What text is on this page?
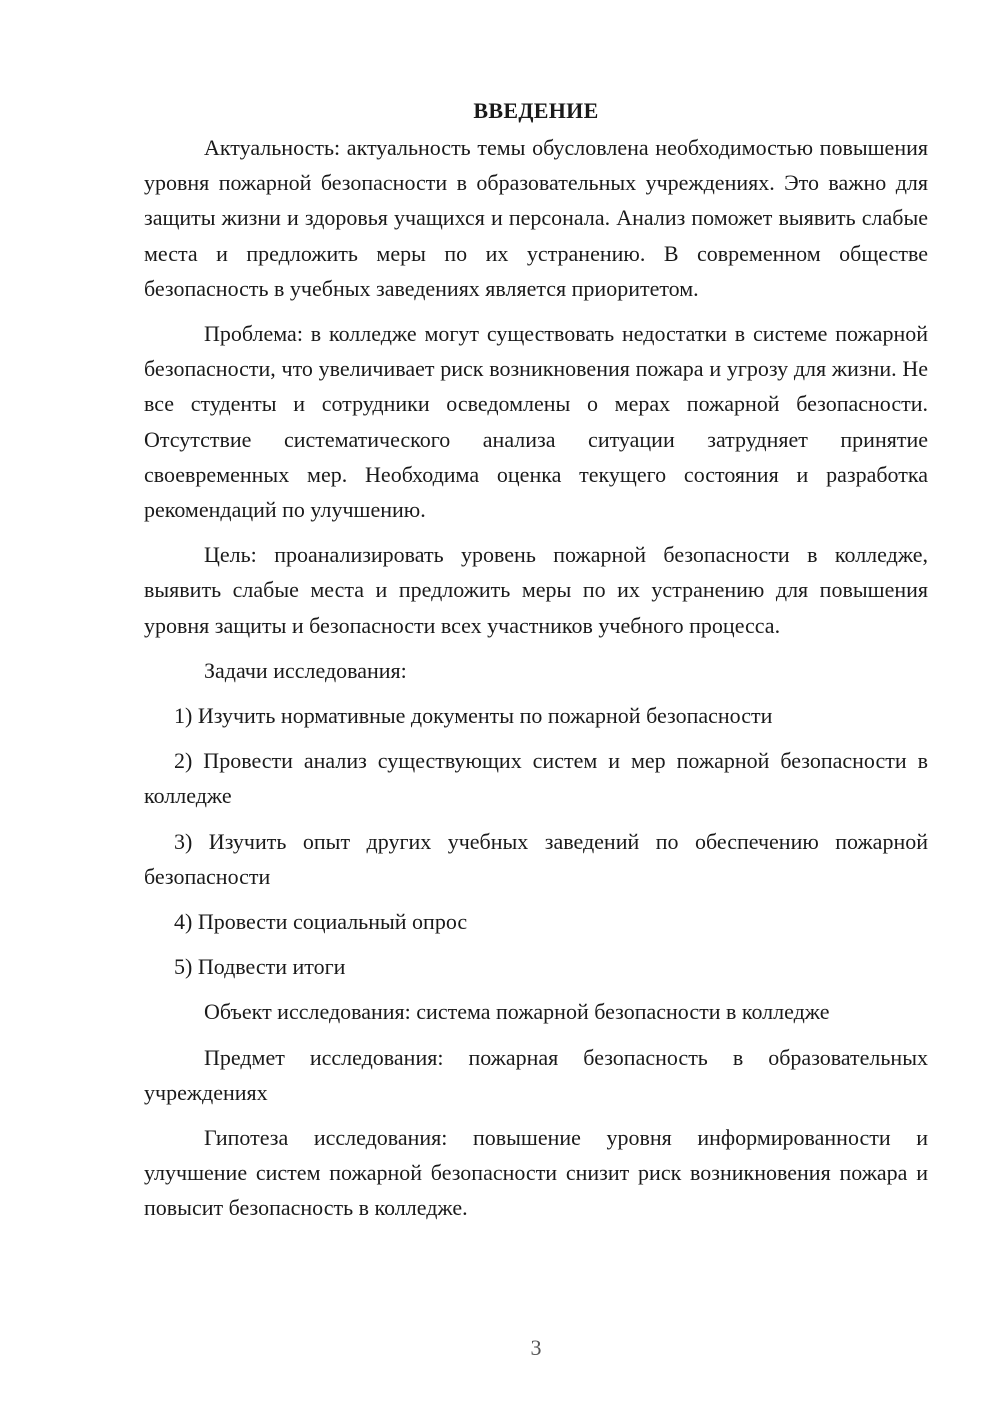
ВВЕДЕНИЕ

Актуальность: актуальность темы обусловлена необходимостью повышения уровня пожарной безопасности в образовательных учреждениях. Это важно для защиты жизни и здоровья учащихся и персонала. Анализ поможет выявить слабые места и предложить меры по их устранению. В современном обществе безопасность в учебных заведениях является приоритетом.

Проблема: в колледже могут существовать недостатки в системе пожарной безопасности, что увеличивает риск возникновения пожара и угрозу для жизни. Не все студенты и сотрудники осведомлены о мерах пожарной безопасности. Отсутствие систематического анализа ситуации затрудняет принятие своевременных мер. Необходима оценка текущего состояния и разработка рекомендаций по улучшению.

Цель: проанализировать уровень пожарной безопасности в колледже, выявить слабые места и предложить меры по их устранению для повышения уровня защиты и безопасности всех участников учебного процесса.

Задачи исследования:

1) Изучить нормативные документы по пожарной безопасности

2) Провести анализ существующих систем и мер пожарной безопасности в колледже

3) Изучить опыт других учебных заведений по обеспечению пожарной безопасности

4) Провести социальный опрос

5) Подвести итоги

Объект исследования: система пожарной безопасности в колледже

Предмет исследования: пожарная безопасность в образовательных учреждениях

Гипотеза исследования: повышение уровня информированности и улучшение систем пожарной безопасности снизит риск возникновения пожара и повысит безопасность в колледже.

3
